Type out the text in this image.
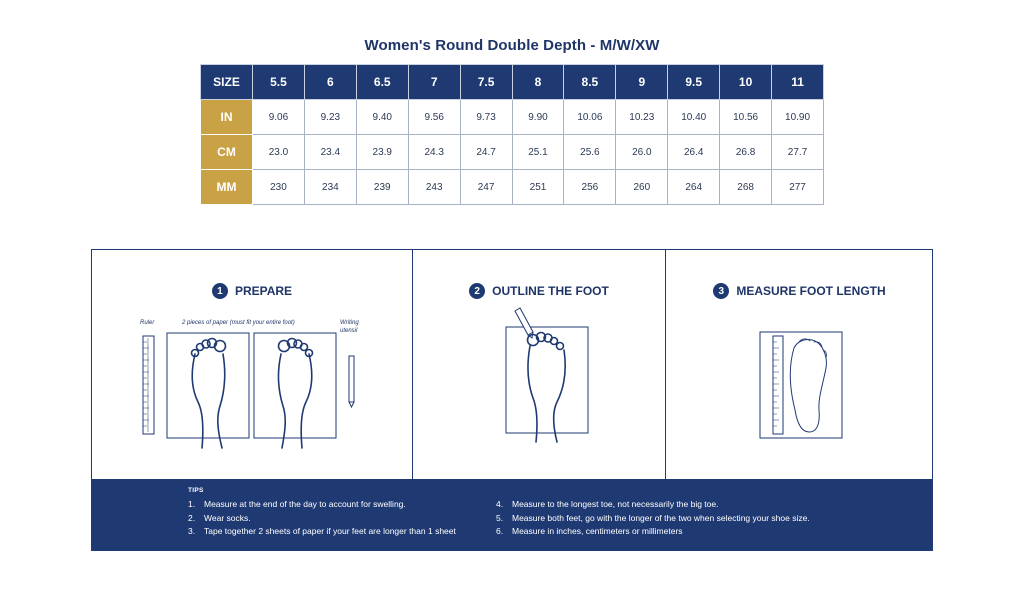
Women's Round Double Depth - M/W/XW
SIZE	5.5	6	6.5	7	7.5	8	8.5	9	9.5	10	11
IN	9.06	9.23	9.40	9.56	9.73	9.90	10.06	10.23	10.40	10.56	10.90
CM	23.0	23.4	23.9	24.3	24.7	25.1	25.6	26.0	26.4	26.8	27.7
MM	230	234	239	243	247	251	256	260	264	268	277
1	PREPARE
Ruler	2 pieces of paper (must fit your entire foot)	Writing
utensil
2	OUTLINE THE FOOT	3	MEASURE FOOT LENGTH
TIPS
1. Measure at the end of the day to account for swelling.
2. Wear socks.
3. Tape together 2 sheets of paper if your feet are longer than 1 sheet
4. Measure to the longest toe, not necessarily the big toe.
5. Measure both feet, go with the longer of the two when selecting your shoe size.
6. Measure in inches, centimeters or millimeters
